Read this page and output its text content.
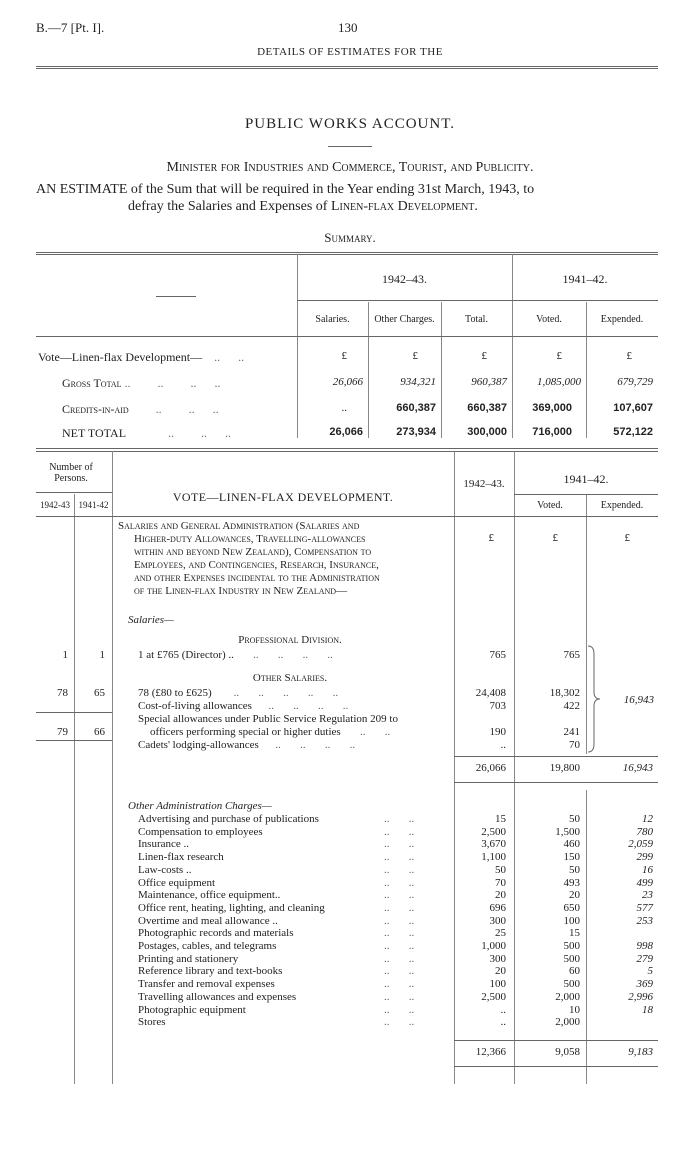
B.—7 [Pt. I].	130
DETAILS OF ESTIMATES FOR THE
PUBLIC WORKS ACCOUNT.
Minister for Industries and Commerce, Tourist, and Publicity.
AN ESTIMATE of the Sum that will be required in the Year ending 31st March, 1943, to
defray the Salaries and Expenses of Linen-flax Development.
Summary.
1942–43.	1941–42.
Salaries.	Other Charges.	Total.	Voted.	Expended.
Vote—Linen-flax Development—    ..      ..	£	£	£	£	£
Gross Total ..         ..         ..      ..	26,066	934,321	960,387	1,085,000	679,729
Credits-in-aid         ..         ..      ..	..	660,387	660,387	369,000	107,607
NET TOTAL              ..         ..      ..	26,066	273,934	300,000	716,000	572,122
Number of Persons.
1942-43 1941-42
VOTE—LINEN-FLAX DEVELOPMENT.
1942–43.	1941–42.
Voted.	Expended.
Salaries and General Administration (Salaries and
Higher-duty Allowances, Travelling-allowances
within and beyond New Zealand), Compensation to
Employees, and Contingencies, Research, Insurance,
and other Expenses incidental to the Administration
of the Linen-flax Industry in New Zealand—
£	£	£
Salaries—
Professional Division.
1	1	1 at £765 (Director) ..       ..       ..       ..       ..	765	765
Other Salaries.
78	65	78 (£80 to £625)        ..       ..       ..       ..       ..	24,408	18,302
Cost-of-living allowances      ..       ..       ..       ..	703	422
Special allowances under Public Service Regulation 209 to
79	66	officers performing special or higher duties       ..       ..	190	241
Cadets' lodging-allowances      ..       ..       ..       ..	..	70
16,943
26,066	19,800	16,943
Other Administration Charges—
Advertising and purchase of publications	..       ..	15	50	12
Compensation to employees	..       ..	2,500	1,500	780
Insurance ..	..       ..	3,670	460	2,059
Linen-flax research	..       ..	1,100	150	299
Law-costs ..	..       ..	50	50	16
Office equipment	..       ..	70	493	499
Maintenance, office equipment..	..       ..	20	20	23
Office rent, heating, lighting, and cleaning	..       ..	696	650	577
Overtime and meal allowance ..	..       ..	300	100	253
Photographic records and materials	..       ..	25	15
Postages, cables, and telegrams	..       ..	1,000	500	998
Printing and stationery	..       ..	300	500	279
Reference library and text-books	..       ..	20	60	5
Transfer and removal expenses	..       ..	100	500	369
Travelling allowances and expenses	..       ..	2,500	2,000	2,996
Photographic equipment	..       ..	..	10	18
Stores	..       ..	..	2,000
12,366	9,058	9,183
